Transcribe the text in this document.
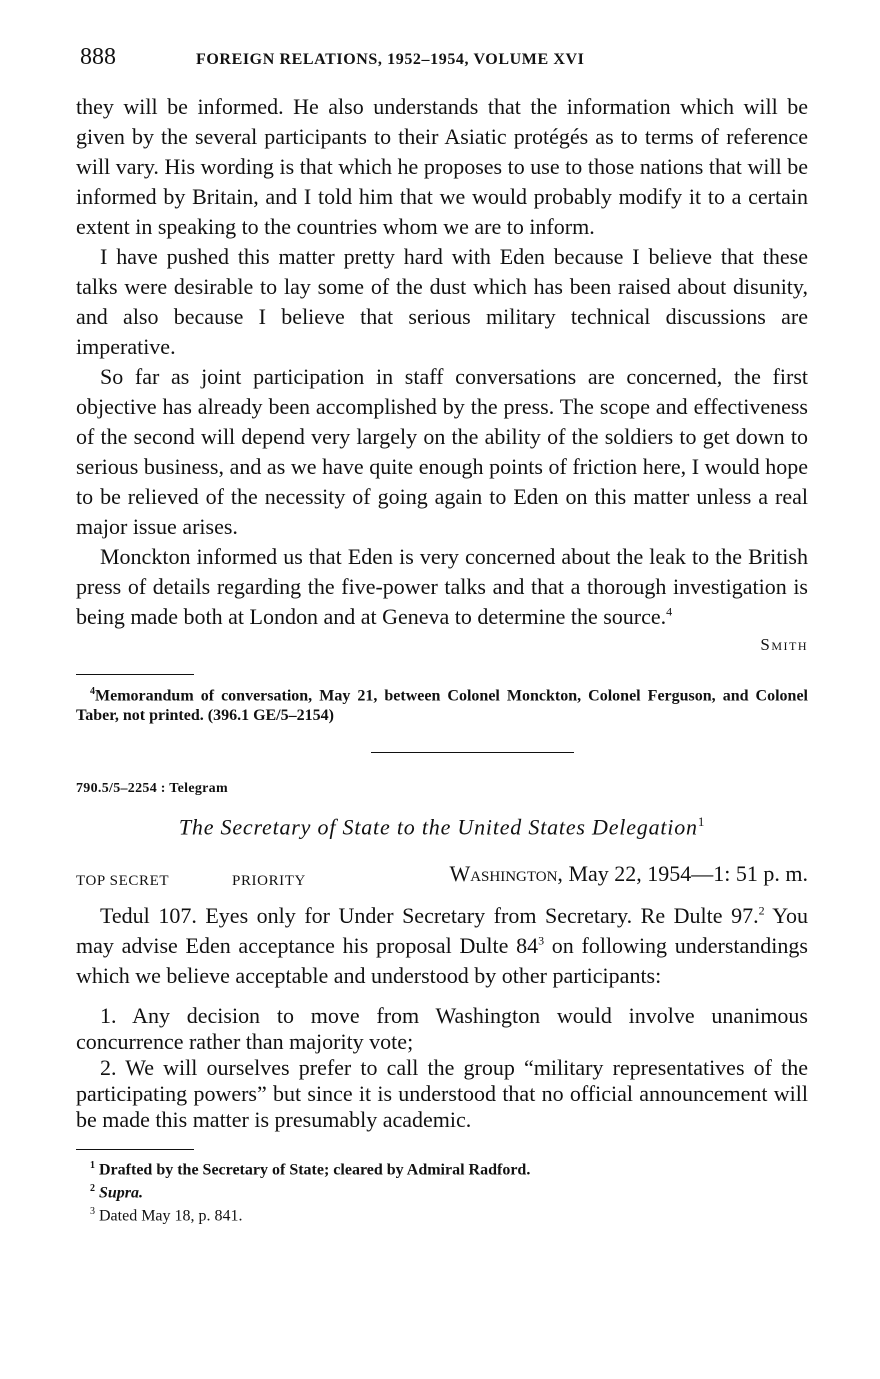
888	FOREIGN RELATIONS, 1952–1954, VOLUME XVI

they will be informed. He also understands that the information which will be given by the several participants to their Asiatic protégés as to terms of reference will vary. His wording is that which he proposes to use to those nations that will be informed by Britain, and I told him that we would probably modify it to a certain extent in speaking to the countries whom we are to inform.

I have pushed this matter pretty hard with Eden because I believe that these talks were desirable to lay some of the dust which has been raised about disunity, and also because I believe that serious military technical discussions are imperative.

So far as joint participation in staff conversations are concerned, the first objective has already been accomplished by the press. The scope and effectiveness of the second will depend very largely on the ability of the soldiers to get down to serious business, and as we have quite enough points of friction here, I would hope to be relieved of the necessity of going again to Eden on this matter unless a real major issue arises.

Monckton informed us that Eden is very concerned about the leak to the British press of details regarding the five-power talks and that a thorough investigation is being made both at London and at Geneva to determine the source.$^4$

Smith
$^4$Memorandum of conversation, May 21, between Colonel Monckton, Colonel Ferguson, and Colonel Taber, not printed. (396.1 GE/5–2154)
790.5/5–2254 : Telegram
The Secretary of State to the United States Delegation$^1$
TOP SECRET	PRIORITY	Washington, May 22, 1954—1: 51 p. m.

Tedul 107. Eyes only for Under Secretary from Secretary. Re Dulte 97.$^2$ You may advise Eden acceptance his proposal Dulte $84^3$ on following understandings which we believe acceptable and understood by other participants:

1. Any decision to move from Washington would involve unanimous concurrence rather than majority vote;

2. We will ourselves prefer to call the group “military representatives of the participating powers” but since it is understood that no official announcement will be made this matter is presumably academic.

$^1$ Drafted by the Secretary of State; cleared by Admiral Radford.
$^2$ Supra.
$^3$ Dated May 18, p. 841.
